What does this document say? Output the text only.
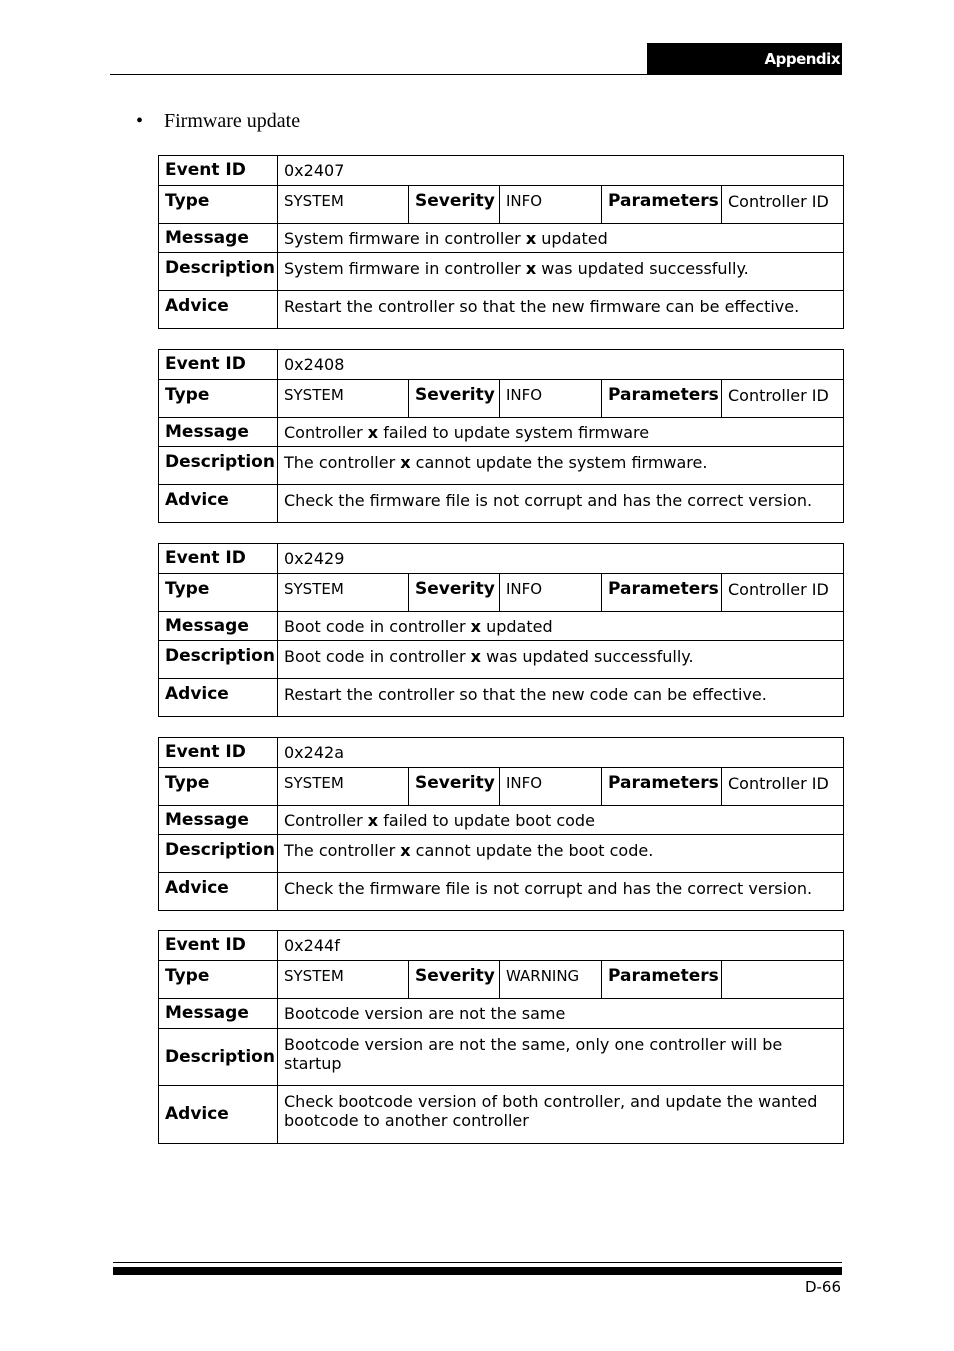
Appendix
• Firmware update
Event ID	0x2407				
Type	SYSTEM	Severity	INFO	Parameters	Controller ID
Message	System firmware in controller x updated				
Description	System firmware in controller x was updated successfully.				
Advice	Restart the controller so that the new firmware can be effective.				
Event ID	0x2408				
Type	SYSTEM	Severity	INFO	Parameters	Controller ID
Message	Controller x failed to update system firmware				
Description	The controller x cannot update the system firmware.				
Advice	Check the firmware file is not corrupt and has the correct version.				
Event ID	0x2429				
Type	SYSTEM	Severity	INFO	Parameters	Controller ID
Message	Boot code in controller x updated				
Description	Boot code in controller x was updated successfully.				
Advice	Restart the controller so that the new code can be effective.				
Event ID	0x242a				
Type	SYSTEM	Severity	INFO	Parameters	Controller ID
Message	Controller x failed to update boot code				
Description	The controller x cannot update the boot code.				
Advice	Check the firmware file is not corrupt and has the correct version.				
Event ID	0x244f				
Type	SYSTEM	Severity	WARNING	Parameters	
Message	Bootcode version are not the same				
Description	Bootcode version are not the same, only one controller will be startup				
Advice	Check bootcode version of both controller, and update the wanted bootcode to another controller				
D-66
